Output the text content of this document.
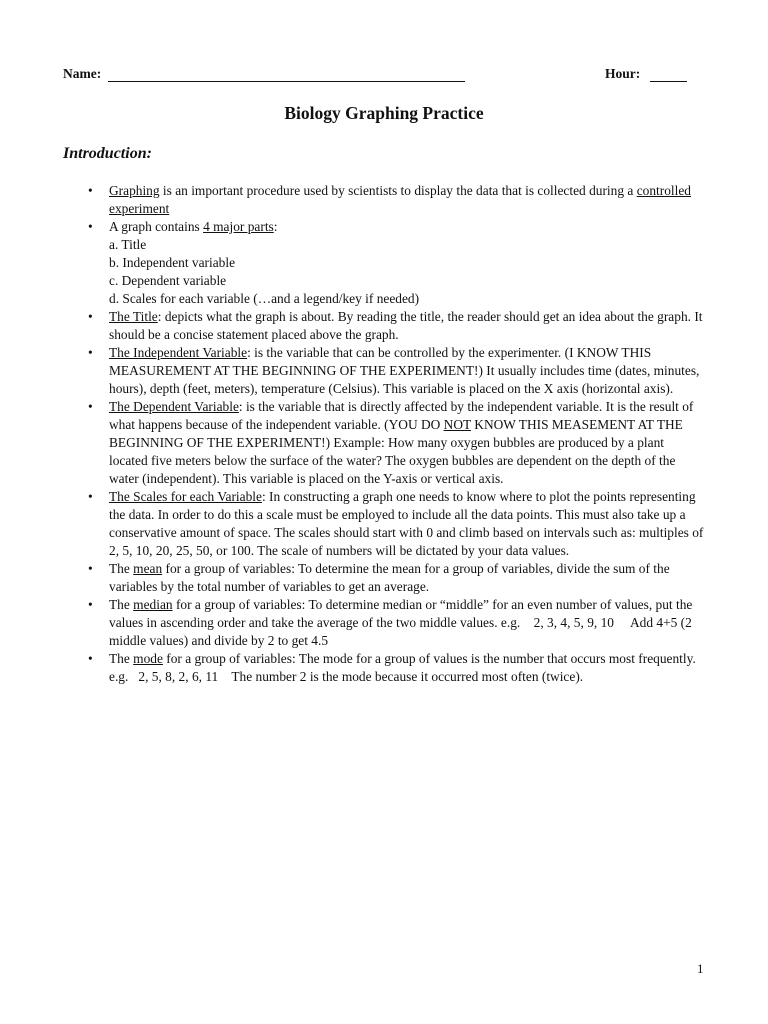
Name:	Hour:
Biology Graphing Practice
Introduction:
• Graphing is an important procedure used by scientists to display the data that is collected during a controlled experiment
• A graph contains 4 major parts:
a. Title
b. Independent variable
c. Dependent variable
d. Scales for each variable (…and a legend/key if needed)
• The Title: depicts what the graph is about. By reading the title, the reader should get an idea about the graph. It should be a concise statement placed above the graph.
• The Independent Variable: is the variable that can be controlled by the experimenter. (I KNOW THIS MEASUREMENT AT THE BEGINNING OF THE EXPERIMENT!) It usually includes time (dates, minutes, hours), depth (feet, meters), temperature (Celsius). This variable is placed on the X axis (horizontal axis).
• The Dependent Variable: is the variable that is directly affected by the independent variable. It is the result of what happens because of the independent variable. (YOU DO NOT KNOW THIS MEASEMENT AT THE BEGINNING OF THE EXPERIMENT!) Example: How many oxygen bubbles are produced by a plant located five meters below the surface of the water? The oxygen bubbles are dependent on the depth of the water (independent). This variable is placed on the Y-axis or vertical axis.
• The Scales for each Variable: In constructing a graph one needs to know where to plot the points representing the data. In order to do this a scale must be employed to include all the data points. This must also take up a conservative amount of space. The scales should start with 0 and climb based on intervals such as: multiples of 2, 5, 10, 20, 25, 50, or 100. The scale of numbers will be dictated by your data values.
• The mean for a group of variables: To determine the mean for a group of variables, divide the sum of the variables by the total number of variables to get an average.
• The median for a group of variables: To determine median or “middle” for an even number of values, put the values in ascending order and take the average of the two middle values. e.g.    2, 3, 4, 5, 9, 10     Add 4+5 (2 middle values) and divide by 2 to get 4.5
• The mode for a group of variables: The mode for a group of values is the number that occurs most frequently. e.g.   2, 5, 8, 2, 6, 11    The number 2 is the mode because it occurred most often (twice).
1
